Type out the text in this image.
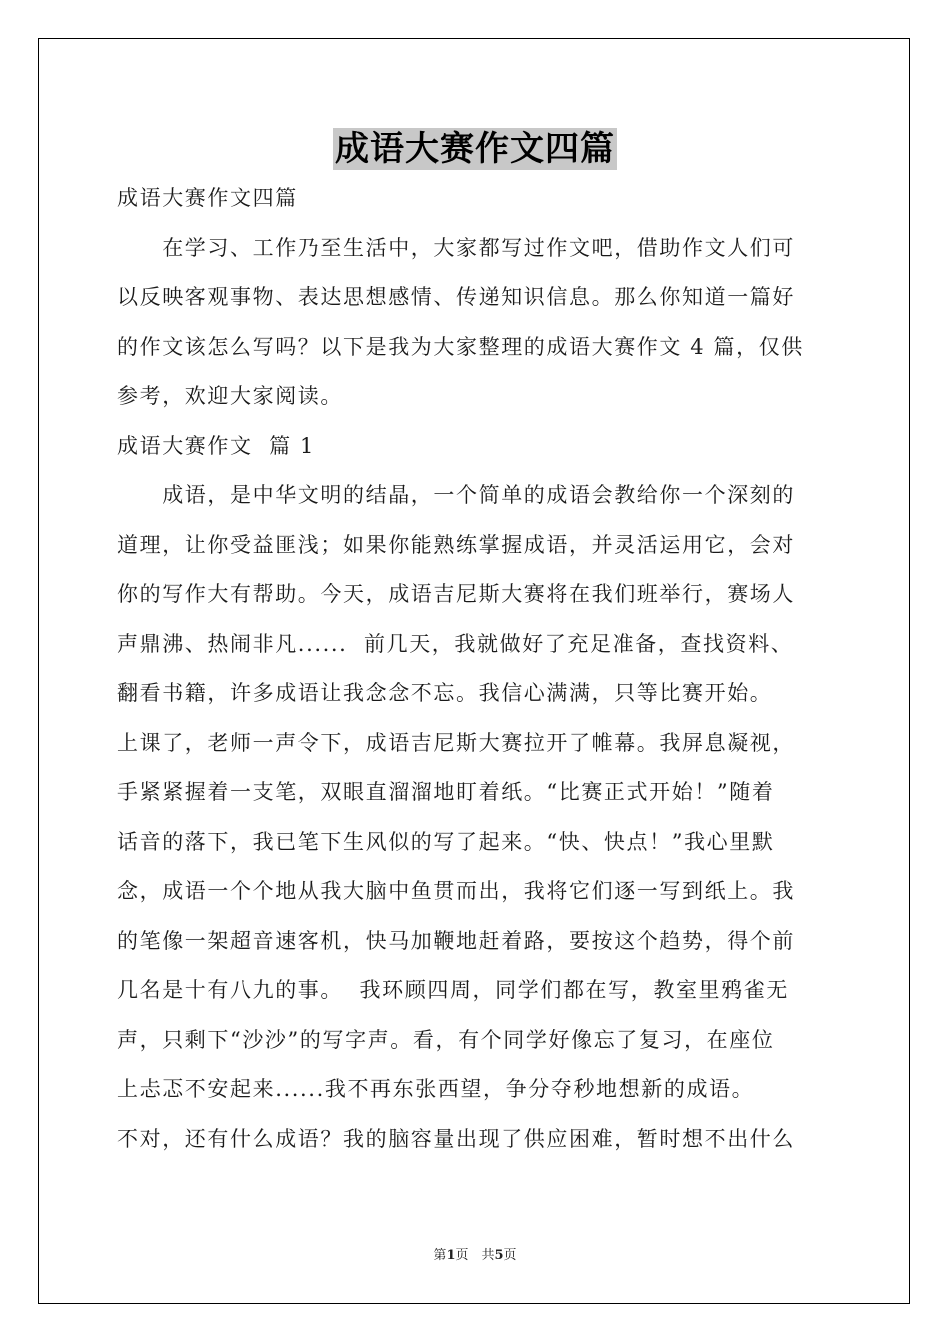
成语大赛作文四篇
成语大赛作文四篇
　　在学习、工作乃至生活中，大家都写过作文吧，借助作文人们可
以反映客观事物、表达思想感情、传递知识信息。那么你知道一篇好
的作文该怎么写吗？以下是我为大家整理的成语大赛作文 4 篇，仅供
参考，欢迎大家阅读。
成语大赛作文  篇 1
　　成语，是中华文明的结晶，一个简单的成语会教给你一个深刻的
道理，让你受益匪浅；如果你能熟练掌握成语，并灵活运用它，会对
你的写作大有帮助。今天，成语吉尼斯大赛将在我们班举行，赛场人
声鼎沸、热闹非凡......  前几天，我就做好了充足准备，查找资料、
翻看书籍，许多成语让我念念不忘。我信心满满，只等比赛开始。
上课了，老师一声令下，成语吉尼斯大赛拉开了帷幕。我屏息凝视，
手紧紧握着一支笔，双眼直溜溜地盯着纸。“比赛正式开始！”随着
话音的落下，我已笔下生风似的写了起来。“快、快点！”我心里默
念，成语一个个地从我大脑中鱼贯而出，我将它们逐一写到纸上。我
的笔像一架超音速客机，快马加鞭地赶着路，要按这个趋势，得个前
几名是十有八九的事。  我环顾四周，同学们都在写，教室里鸦雀无
声，只剩下“沙沙”的写字声。看，有个同学好像忘了复习，在座位
上忐忑不安起来......我不再东张西望，争分夺秒地想新的成语。
不对，还有什么成语？我的脑容量出现了供应困难，暂时想不出什么
第1页　共5页
